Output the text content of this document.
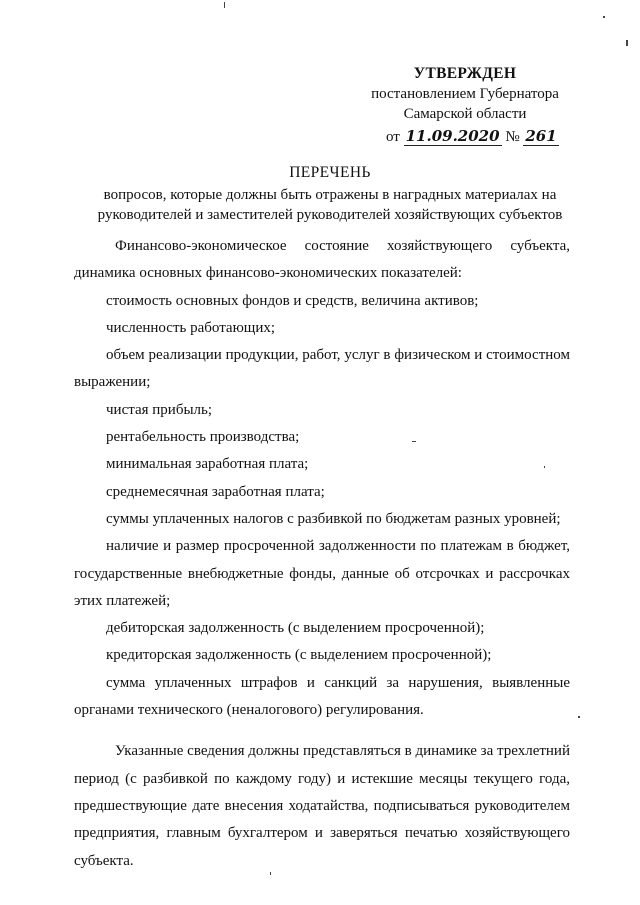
УТВЕРЖДЕН
постановлением Губернатора
Самарской области
от 11.09.2020 № 261
ПЕРЕЧЕНЬ
вопросов, которые должны быть отражены в наградных материалах на
руководителей и заместителей руководителей хозяйствующих субъектов

Финансово-экономическое состояние хозяйствующего субъекта, динамика основных финансово-экономических показателей:

стоимость основных фондов и средств, величина активов;

численность работающих;

объем реализации продукции, работ, услуг в физическом и стоимостном выражении;

чистая прибыль;

рентабельность производства;

минимальная заработная плата;

среднемесячная заработная плата;

суммы уплаченных налогов с разбивкой по бюджетам разных уровней;

наличие и размер просроченной задолженности по платежам в бюджет, государственные внебюджетные фонды, данные об отсрочках и рассрочках этих платежей;

дебиторская задолженность (с выделением просроченной);

кредиторская задолженность (с выделением просроченной);

сумма уплаченных штрафов и санкций за нарушения, выявленные органами технического (неналогового) регулирования.

Указанные сведения должны представляться в динамике за трехлетний период (с разбивкой по каждому году) и истекшие месяцы текущего года, предшествующие дате внесения ходатайства, подписываться руководителем предприятия, главным бухгалтером и заверяться печатью хозяйствующего субъекта.
